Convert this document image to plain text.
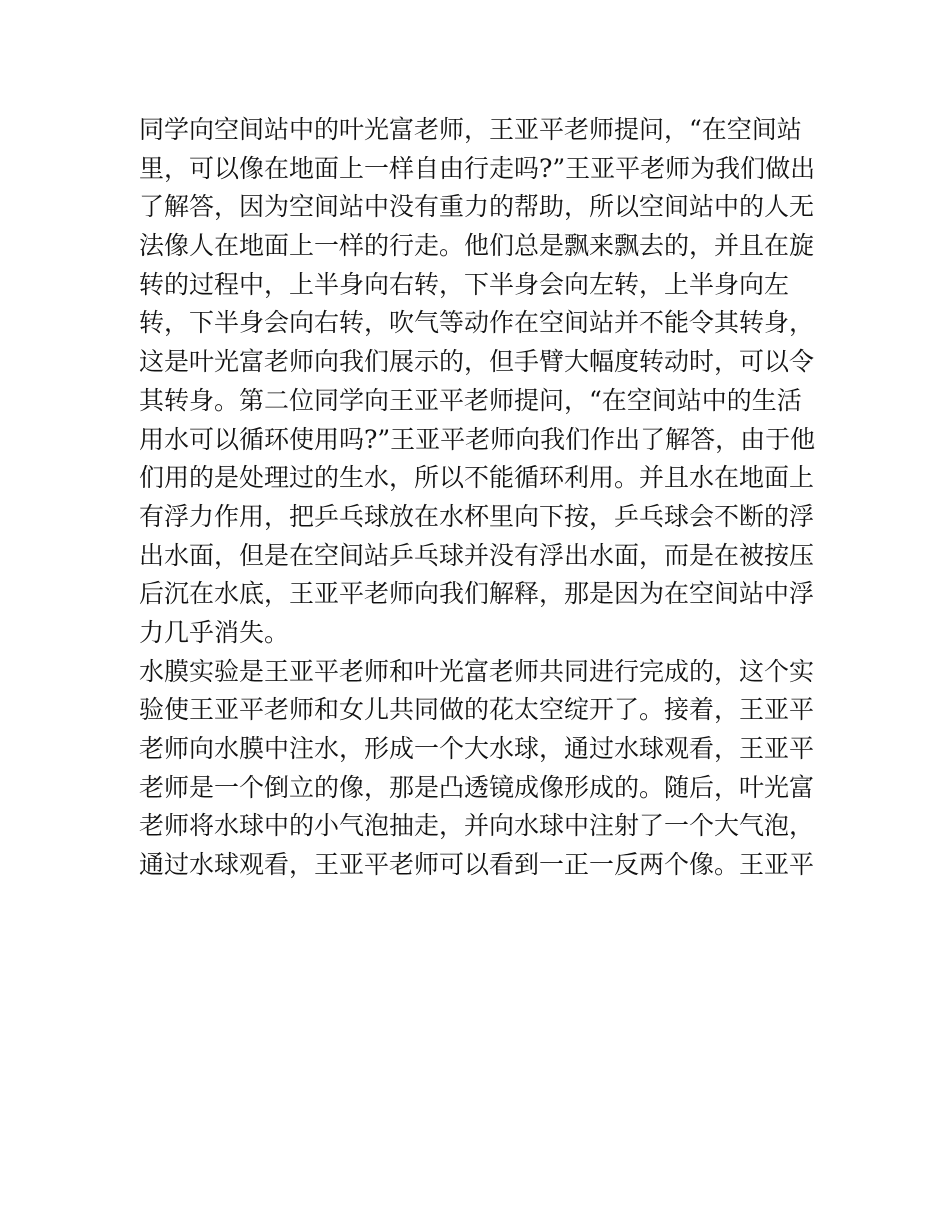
同学向空间站中的叶光富老师，王亚平老师提问，“在空间站
里，可以像在地面上一样自由行走吗?”王亚平老师为我们做出
了解答，因为空间站中没有重力的帮助，所以空间站中的人无
法像人在地面上一样的行走。他们总是飘来飘去的，并且在旋
转的过程中，上半身向右转，下半身会向左转，上半身向左
转，下半身会向右转，吹气等动作在空间站并不能令其转身，
这是叶光富老师向我们展示的，但手臂大幅度转动时，可以令
其转身。第二位同学向王亚平老师提问，“在空间站中的生活
用水可以循环使用吗?”王亚平老师向我们作出了解答，由于他
们用的是处理过的生水，所以不能循环利用。并且水在地面上
有浮力作用，把乒乓球放在水杯里向下按，乒乓球会不断的浮
出水面，但是在空间站乒乓球并没有浮出水面，而是在被按压
后沉在水底，王亚平老师向我们解释，那是因为在空间站中浮
力几乎消失。
水膜实验是王亚平老师和叶光富老师共同进行完成的，这个实
验使王亚平老师和女儿共同做的花太空绽开了。接着，王亚平
老师向水膜中注水，形成一个大水球，通过水球观看，王亚平
老师是一个倒立的像，那是凸透镜成像形成的。随后，叶光富
老师将水球中的小气泡抽走，并向水球中注射了一个大气泡，
通过水球观看，王亚平老师可以看到一正一反两个像。王亚平
